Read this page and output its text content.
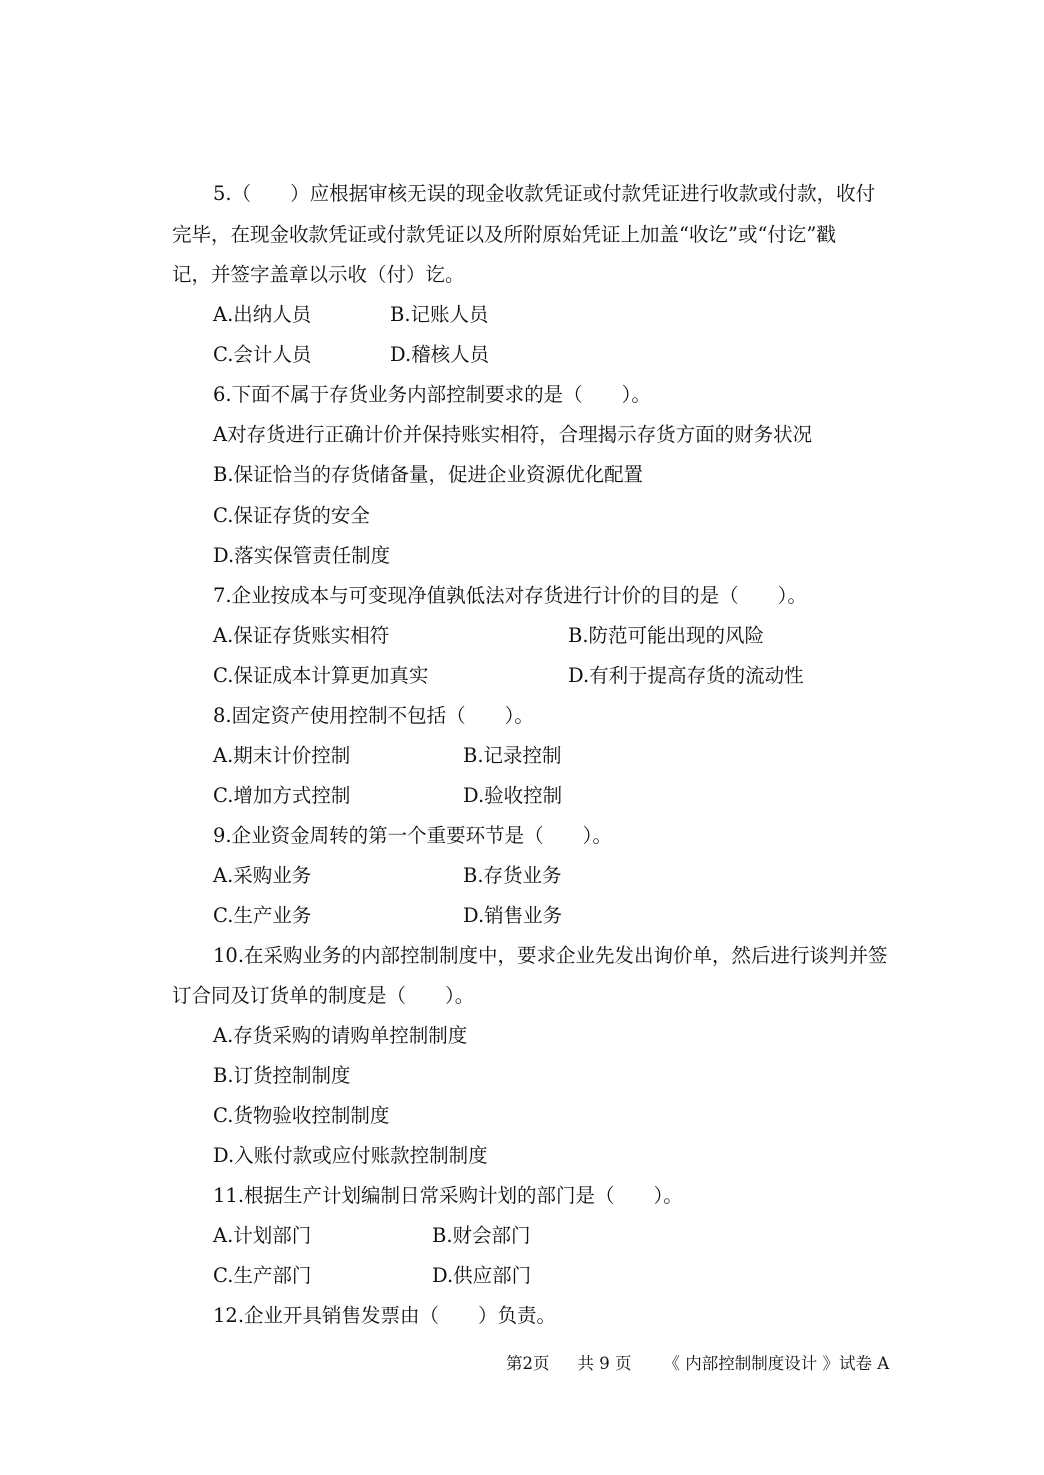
5.（　　）应根据审核无误的现金收款凭证或付款凭证进行收款或付款，收付
完毕，在现金收款凭证或付款凭证以及所附原始凭证上加盖“收讫”或“付讫”戳
记，并签字盖章以示收（付）讫。
A.出纳人员	B.记账人员
C.会计人员	D.稽核人员
6.下面不属于存货业务内部控制要求的是（　　）。
A对存货进行正确计价并保持账实相符，合理揭示存货方面的财务状况
B.保证恰当的存货储备量，促进企业资源优化配置
C.保证存货的安全
D.落实保管责任制度
7.企业按成本与可变现净值孰低法对存货进行计价的目的是（　　）。
A.保证存货账实相符	B.防范可能出现的风险
C.保证成本计算更加真实	D.有利于提高存货的流动性
8.固定资产使用控制不包括（　　）。
A.期末计价控制	B.记录控制
C.增加方式控制	D.验收控制
9.企业资金周转的第一个重要环节是（　　）。
A.采购业务	B.存货业务
C.生产业务	D.销售业务
10.在采购业务的内部控制制度中，要求企业先发出询价单，然后进行谈判并签
订合同及订货单的制度是（　　）。
A.存货采购的请购单控制制度
B.订货控制制度
C.货物验收控制制度
D.入账付款或应付账款控制制度
11.根据生产计划编制日常采购计划的部门是（　　）。
A.计划部门	B.财会部门
C.生产部门	D.供应部门
12.企业开具销售发票由（　　）负责。
第2页 共 9 页 《 内部控制制度设计 》试卷 A
